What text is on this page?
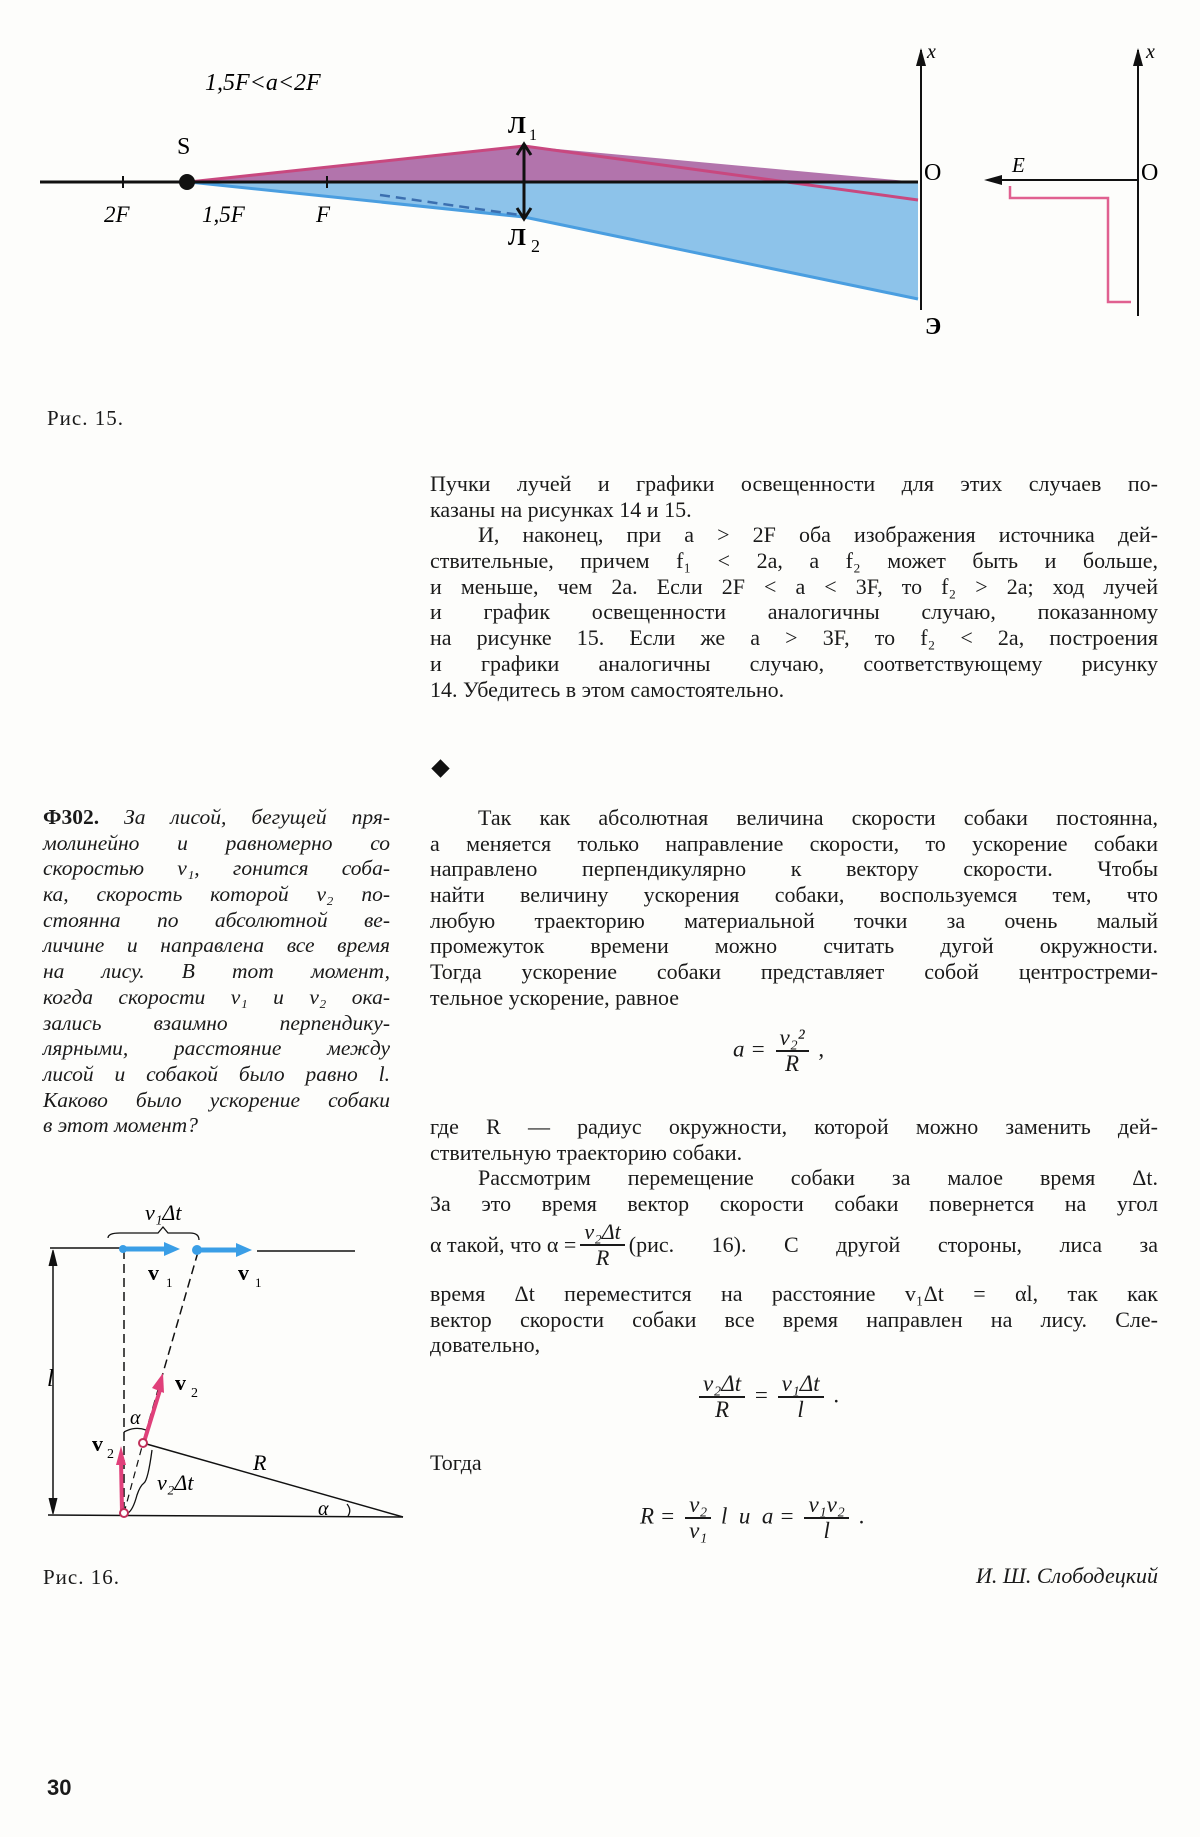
1,5F<a<2F
S
Л 1
Л 2
2F	1,5F	F
x
O
Э
x
O
E
Рис. 15.
Пучки лучей и графики освещенности для этих случаев по-
казаны на рисунках 14 и 15.
И, наконец, при a > 2F оба изображения источника дей-
ствительные, причем f₁ < 2a, а f₂ может быть и больше,
и меньше, чем 2a. Если 2F < a < 3F, то f₂ > 2a; ход лучей
и график освещенности аналогичны случаю, показанному
на рисунке 15. Если же a > 3F, то f₂ < 2a, построения
и графики аналогичны случаю, соответствующему рисунку
14. Убедитесь в этом самостоятельно.
Ф302. За лисой, бегущей пря-
молинейно и равномерно со
скоростью v₁, гонится соба-
ка, скорость которой v₂ по-
стоянна по абсолютной ве-
личине и направлена все время
на лису. В тот момент,
когда скорости v₁ и v₂ ока-
зались взаимно перпендику-
лярными, расстояние между
лисой и собакой было равно l.
Каково было ускорение собаки
в этот момент?
Так как абсолютная величина скорости собаки постоянна,
а меняется только направление скорости, то ускорение собаки
направлено перпендикулярно к вектору скорости. Чтобы
найти величину ускорения собаки, воспользуемся тем, что
любую траекторию материальной точки за очень малый
промежуток времени можно считать дугой окружности.
Тогда ускорение собаки представляет собой центростреми-
тельное ускорение, равное
$a = \frac{\text{v₂²}}{R}$ ,
где R — радиус окружности, которой можно заменить дей-
ствительную траекторию собаки.
Рассмотрим перемещение собаки за малое время Δt.
За это время вектор скорости собаки повернется на угол
α такой, что $\alpha = \frac{\text{v₂Δt}}{R} (рис$. 16). С другой стороны, лиса за
время Δt переместится на расстояние v₁Δt = αl, так как
вектор скорости собаки все время направлен на лису. Сле-
довательно,
$\frac{\text{v₂Δt}}{R} = \frac{\text{v₁Δt}}{l}$ .
Тогда
$R = \frac{\text{v₂}}{\text{v₁}}$ l  и  $a = \frac{\text{v₁v₂}}{l}$ .
И. Ш. Слободецкий
v₁Δt
v 1	v 1
v 2
v 2
l
α
α
R
v₂Δt
Рис. 16.
30
